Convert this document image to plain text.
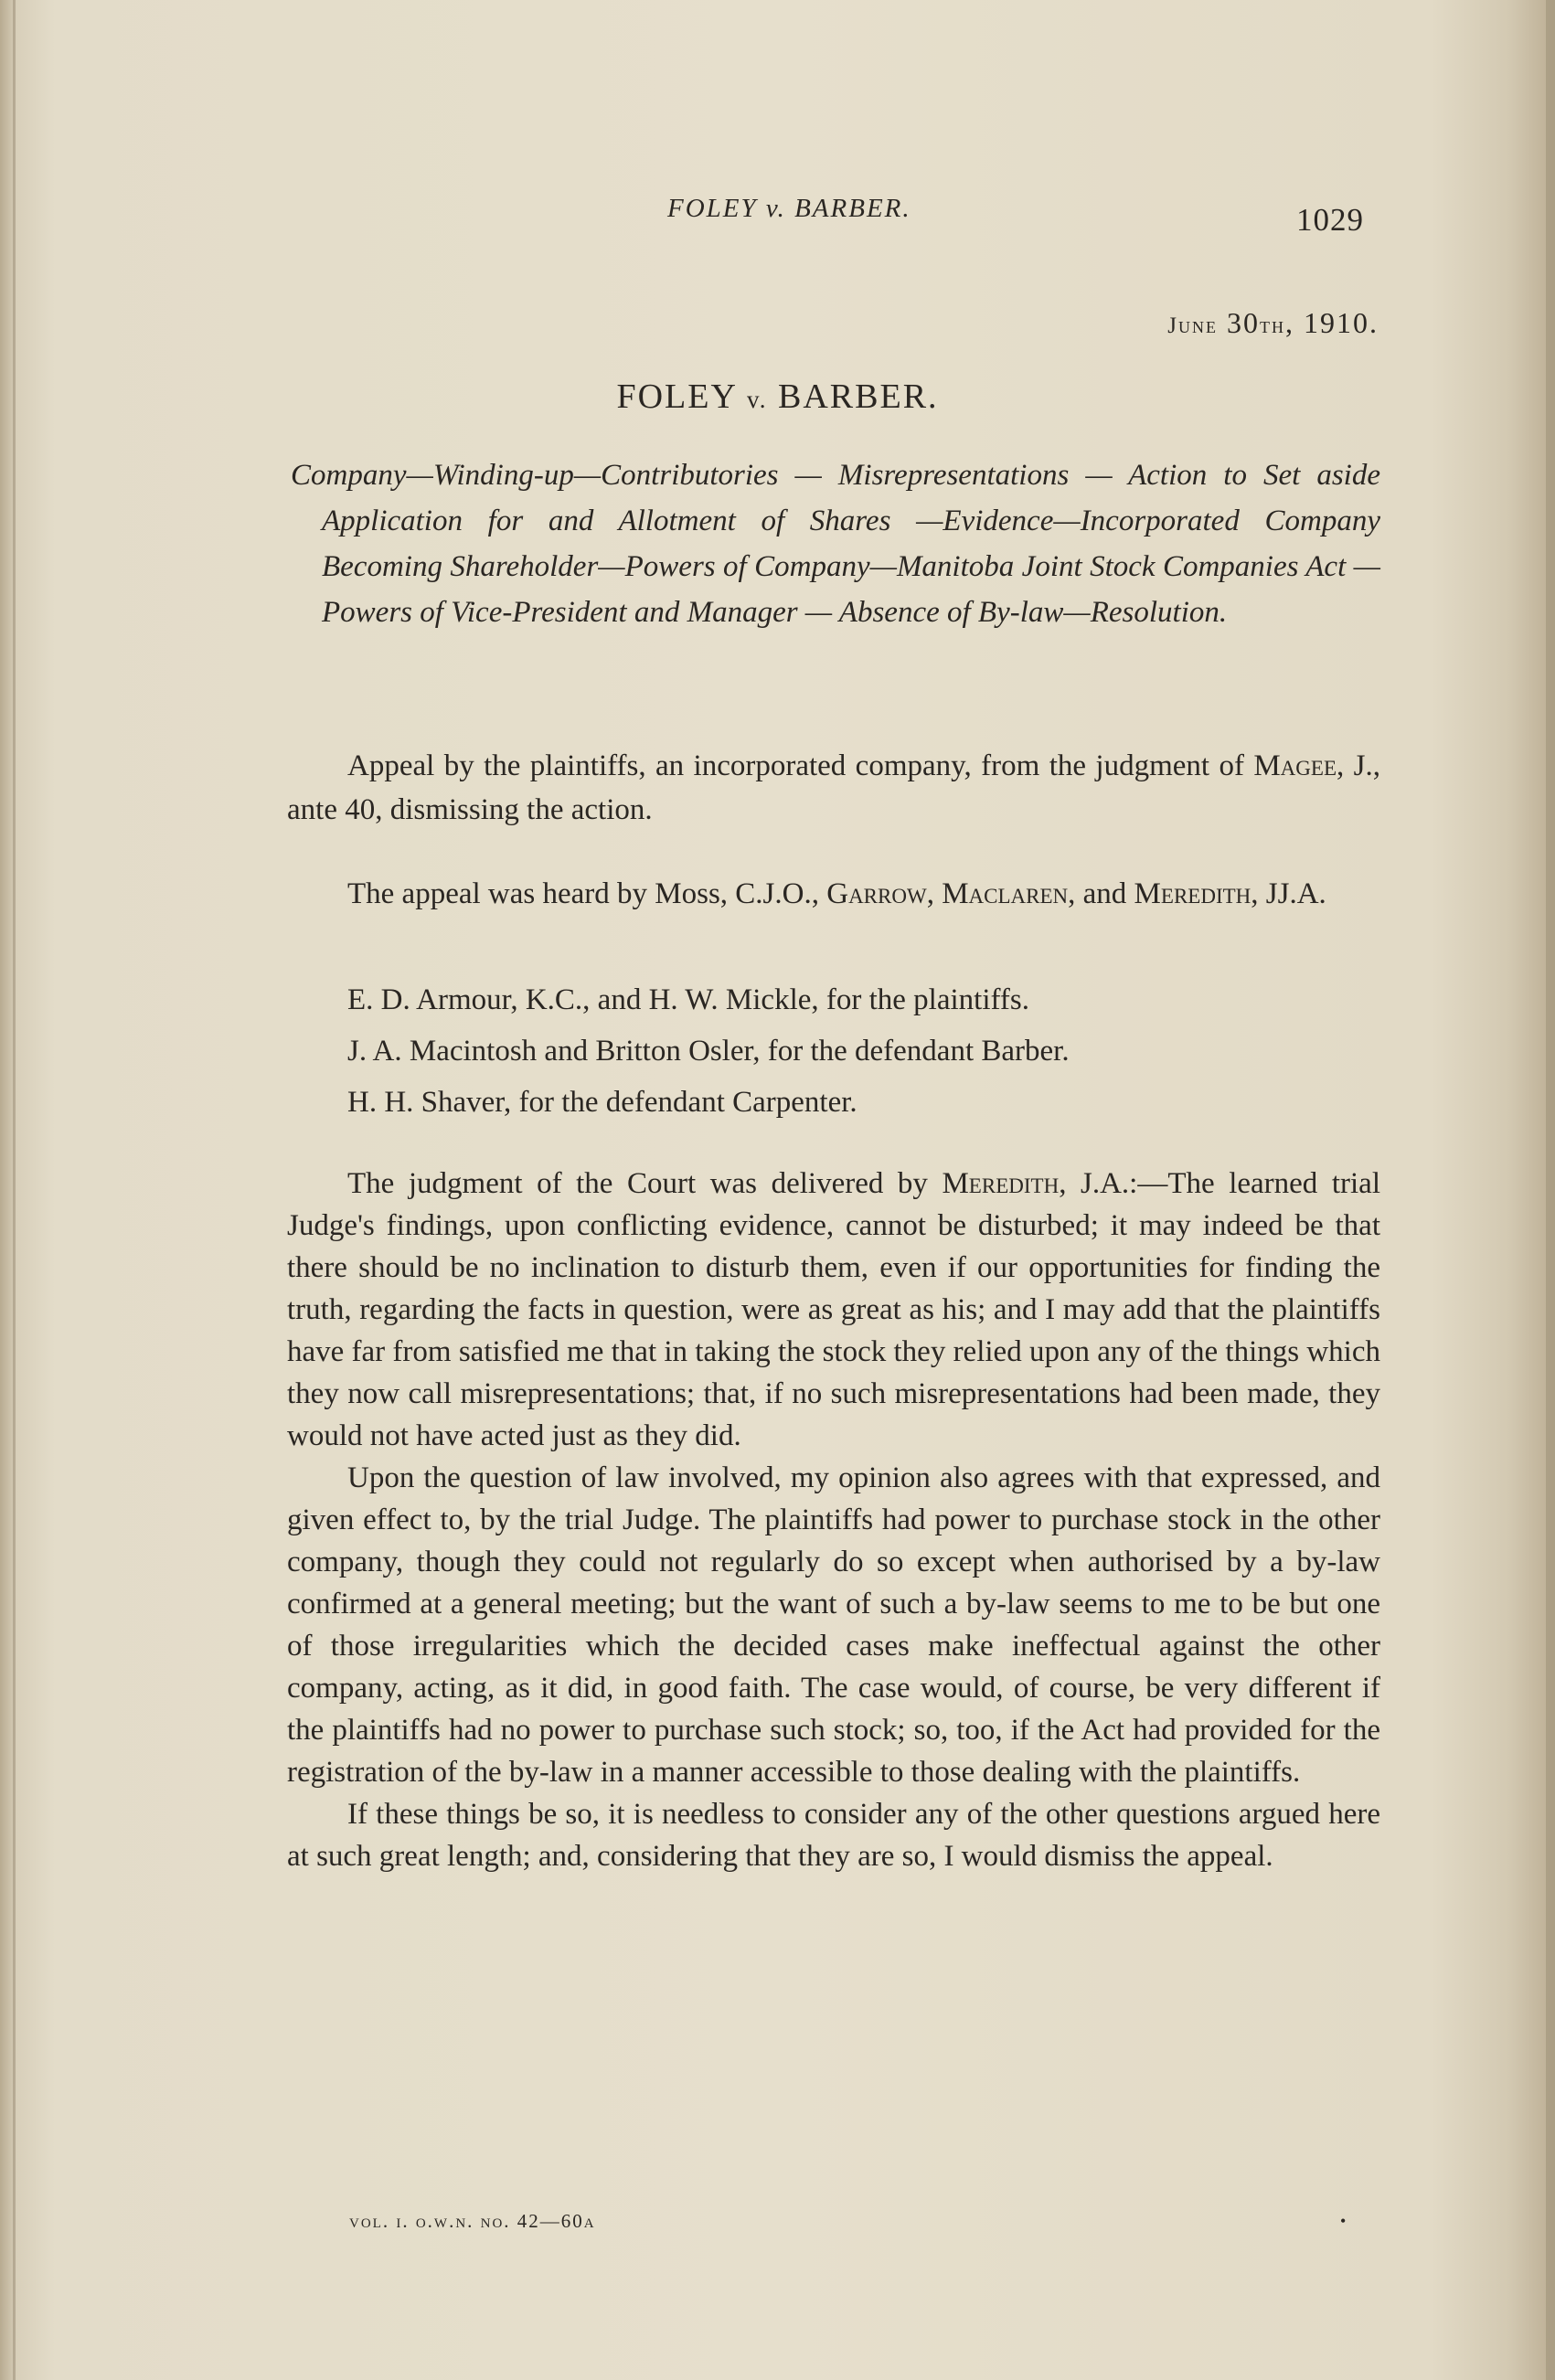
FOLEY v. BARBER.	1029
June 30th, 1910.
FOLEY v. BARBER.
Company—Winding-up—Contributories — Misrepresentations — Action to Set aside Application for and Allotment of Shares —Evidence—Incorporated Company Becoming Shareholder—Powers of Company—Manitoba Joint Stock Companies Act —Powers of Vice-President and Manager — Absence of By-law—Resolution.

Appeal by the plaintiffs, an incorporated company, from the judgment of Magee, J., ante 40, dismissing the action.

The appeal was heard by Moss, C.J.O., Garrow, Maclaren, and Meredith, JJ.A.

E. D. Armour, K.C., and H. W. Mickle, for the plaintiffs.

J. A. Macintosh and Britton Osler, for the defendant Barber.

H. H. Shaver, for the defendant Carpenter.

The judgment of the Court was delivered by Meredith, J.A.:—The learned trial Judge's findings, upon conflicting evidence, cannot be disturbed; it may indeed be that there should be no inclination to disturb them, even if our opportunities for finding the truth, regarding the facts in question, were as great as his; and I may add that the plaintiffs have far from satisfied me that in taking the stock they relied upon any of the things which they now call misrepresentations; that, if no such misrepresentations had been made, they would not have acted just as they did.

Upon the question of law involved, my opinion also agrees with that expressed, and given effect to, by the trial Judge. The plaintiffs had power to purchase stock in the other company, though they could not regularly do so except when authorised by a by-law confirmed at a general meeting; but the want of such a by-law seems to me to be but one of those irregularities which the decided cases make ineffectual against the other company, acting, as it did, in good faith. The case would, of course, be very different if the plaintiffs had no power to purchase such stock; so, too, if the Act had provided for the registration of the by-law in a manner accessible to those dealing with the plaintiffs.

If these things be so, it is needless to consider any of the other questions argued here at such great length; and, considering that they are so, I would dismiss the appeal.

vol. i. o.w.n. no. 42—60a	•
